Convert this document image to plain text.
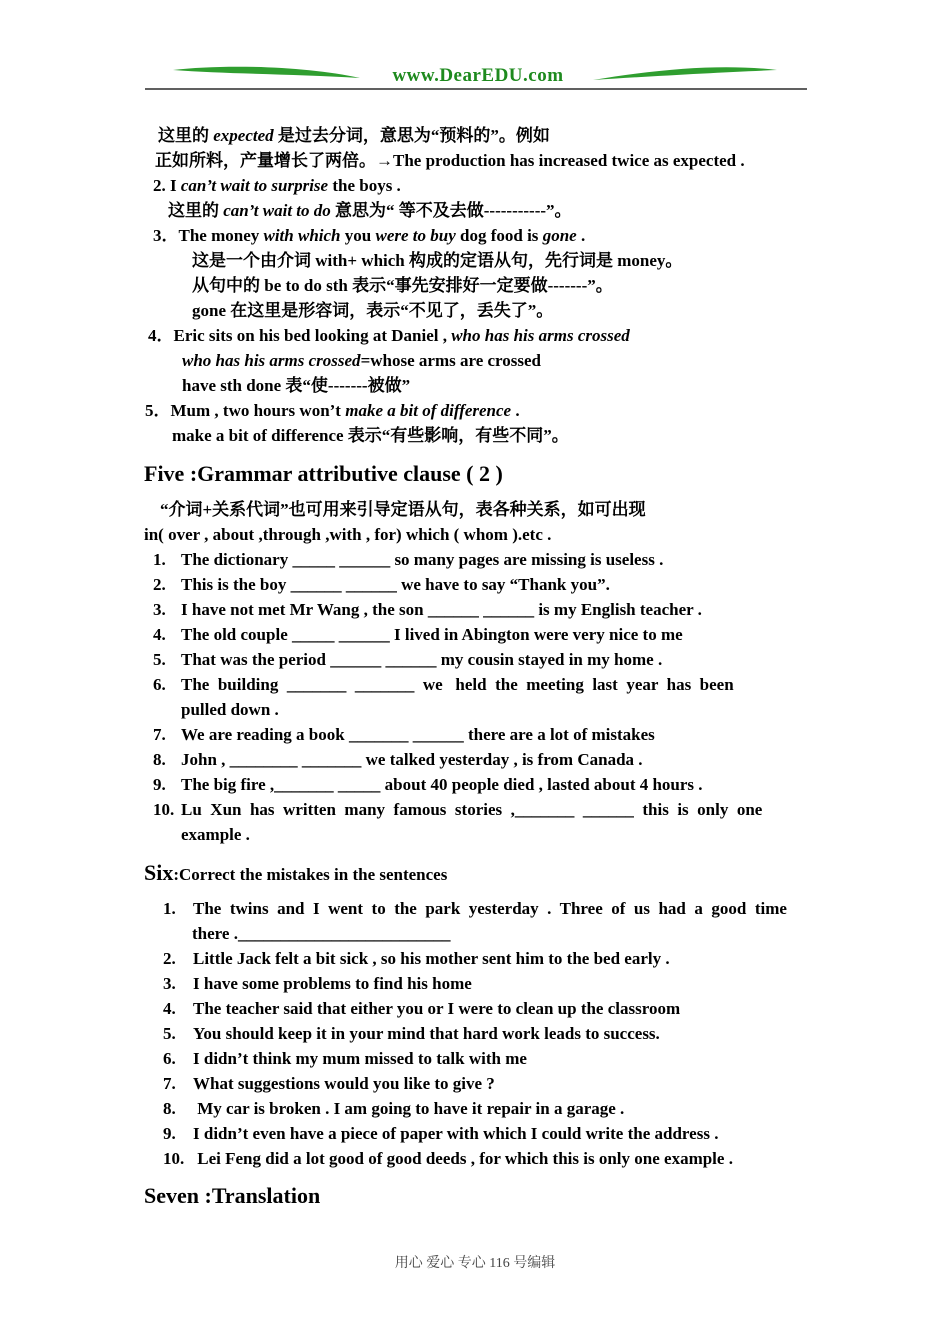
www.DearEDU.com
这里的 expected 是过去分词，意思为“预料的”。例如
正如所料，产量增长了两倍。→The production has increased twice as expected .
2. I can’t wait to surprise the boys .
这里的 can’t wait to do 意思为“ 等不及去做-----------”。
3．The money with which you were to buy dog food is gone .
这是一个由介词 with+ which 构成的定语从句，先行词是 money。
从句中的 be to do sth 表示“事先安排好一定要做-------”。
gone 在这里是形容词，表示“不见了，丢失了”。
4．Eric sits on his bed looking at Daniel , who has his arms crossed
who has his arms crossed=whose arms are crossed
have sth done 表“使-------被做”
5．Mum , two hours won’t make a bit of difference .
make a bit of difference 表示“有些影响，有些不同”。
Five :Grammar attributive clause ( 2 )
“介词+关系代词”也可用来引导定语从句，表各种关系，如可出现
in( over , about ,through ,with , for) which ( whom ).etc .
1. The dictionary _____ ______ so many pages are missing is useless .
2. This is the boy ______ ______ we have to say “Thank you”.
3. I have not met Mr Wang , the son ______ ______ is my English teacher .
4. The old couple _____ ______ I lived in Abington were very nice to me
5. That was the period ______ ______ my cousin stayed in my home .
6. The  building  _______  _______  we   held  the  meeting  last  year  has  been
pulled down .
7. We are reading a book _______ ______ there are a lot of mistakes
8. John , ________ _______ we talked yesterday , is from Canada .
9. The big fire ,_______ _____ about 40 people died , lasted about 4 hours .
10. Lu  Xun  has  written  many  famous  stories  ,_______  ______  this  is  only  one
example .
Six:Correct the mistakes in the sentences
1. The  twins  and  I  went  to  the  park  yesterday  .  Three  of  us  had  a  good  time
there ._________________________
2. Little Jack felt a bit sick , so his mother sent him to the bed early .
3. I have some problems to find his home
4. The teacher said that either you or I were to clean up the classroom
5. You should keep it in your mind that hard work leads to success.
6. I didn’t think my mum missed to talk with me
7. What suggestions would you like to give ?
8. My car is broken . I am going to have it repair in a garage .
9. I didn’t even have a piece of paper with which I could write the address .
10. Lei Feng did a lot good of good deeds , for which this is only one example .
Seven :Translation
用心 爱心 专心 116 号编辑
